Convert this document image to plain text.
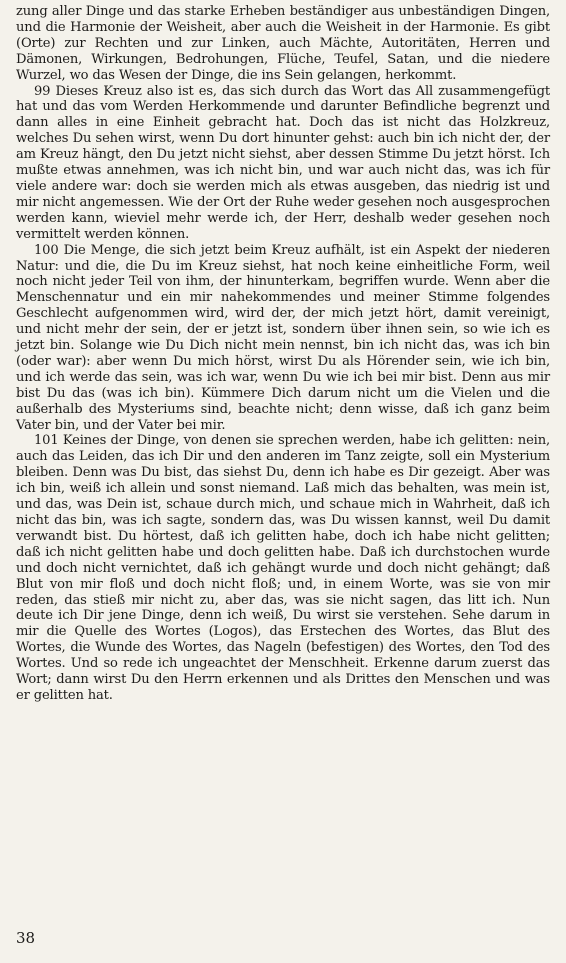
zung aller Dinge und das starke Erheben beständiger aus unbeständigen Dingen, und die Harmonie der Weisheit, aber auch die Weisheit in der Harmonie. Es gibt (Orte) zur Rechten und zur Linken, auch Mächte, Autoritäten, Herren und Dämonen, Wirkungen, Bedrohungen, Flüche, Teufel, Satan, und die niedere Wurzel, wo das Wesen der Dinge, die ins Sein gelangen, herkommt.

99 Dieses Kreuz also ist es, das sich durch das Wort das All zusammengefügt hat und das vom Werden Herkommende und darunter Befindliche begrenzt und dann alles in eine Einheit gebracht hat. Doch das ist nicht das Holzkreuz, welches Du sehen wirst, wenn Du dort hinunter gehst: auch bin ich nicht der, der am Kreuz hängt, den Du jetzt nicht siehst, aber dessen Stimme Du jetzt hörst. Ich mußte etwas annehmen, was ich nicht bin, und war auch nicht das, was ich für viele andere war: doch sie werden mich als etwas ausgeben, das niedrig ist und mir nicht angemessen. Wie der Ort der Ruhe weder gesehen noch ausgesprochen werden kann, wieviel mehr werde ich, der Herr, deshalb weder gesehen noch vermittelt werden können.

100 Die Menge, die sich jetzt beim Kreuz aufhält, ist ein Aspekt der niederen Natur: und die, die Du im Kreuz siehst, hat noch keine einheitliche Form, weil noch nicht jeder Teil von ihm, der hinunterkam, begriffen wurde. Wenn aber die Menschennatur und ein mir nahekommendes und meiner Stimme folgendes Geschlecht aufgenommen wird, wird der, der mich jetzt hört, damit vereinigt, und nicht mehr der sein, der er jetzt ist, sondern über ihnen sein, so wie ich es jetzt bin. Solange wie Du Dich nicht mein nennst, bin ich nicht das, was ich bin (oder war): aber wenn Du mich hörst, wirst Du als Hörender sein, wie ich bin, und ich werde das sein, was ich war, wenn Du wie ich bei mir bist. Denn aus mir bist Du das (was ich bin). Kümmere Dich darum nicht um die Vielen und die außerhalb des Mysteriums sind, beachte nicht; denn wisse, daß ich ganz beim Vater bin, und der Vater bei mir.

101 Keines der Dinge, von denen sie sprechen werden, habe ich gelitten: nein, auch das Leiden, das ich Dir und den anderen im Tanz zeigte, soll ein Mysterium bleiben. Denn was Du bist, das siehst Du, denn ich habe es Dir gezeigt. Aber was ich bin, weiß ich allein und sonst niemand. Laß mich das behalten, was mein ist, und das, was Dein ist, schaue durch mich, und schaue mich in Wahrheit, daß ich nicht das bin, was ich sagte, sondern das, was Du wissen kannst, weil Du damit verwandt bist. Du hörtest, daß ich gelitten habe, doch ich habe nicht gelitten; daß ich nicht gelitten habe und doch gelitten habe. Daß ich durchstochen wurde und doch nicht vernichtet, daß ich gehängt wurde und doch nicht gehängt; daß Blut von mir floß und doch nicht floß; und, in einem Worte, was sie von mir reden, das stieß mir nicht zu, aber das, was sie nicht sagen, das litt ich. Nun deute ich Dir jene Dinge, denn ich weiß, Du wirst sie verstehen. Sehe darum in mir die Quelle des Wortes (Logos), das Erstechen des Wortes, das Blut des Wortes, die Wunde des Wortes, das Nageln (befestigen) des Wortes, den Tod des Wortes. Und so rede ich ungeachtet der Menschheit. Erkenne darum zuerst das Wort; dann wirst Du den Herrn erkennen und als Drittes den Menschen und was er gelitten hat.

38
